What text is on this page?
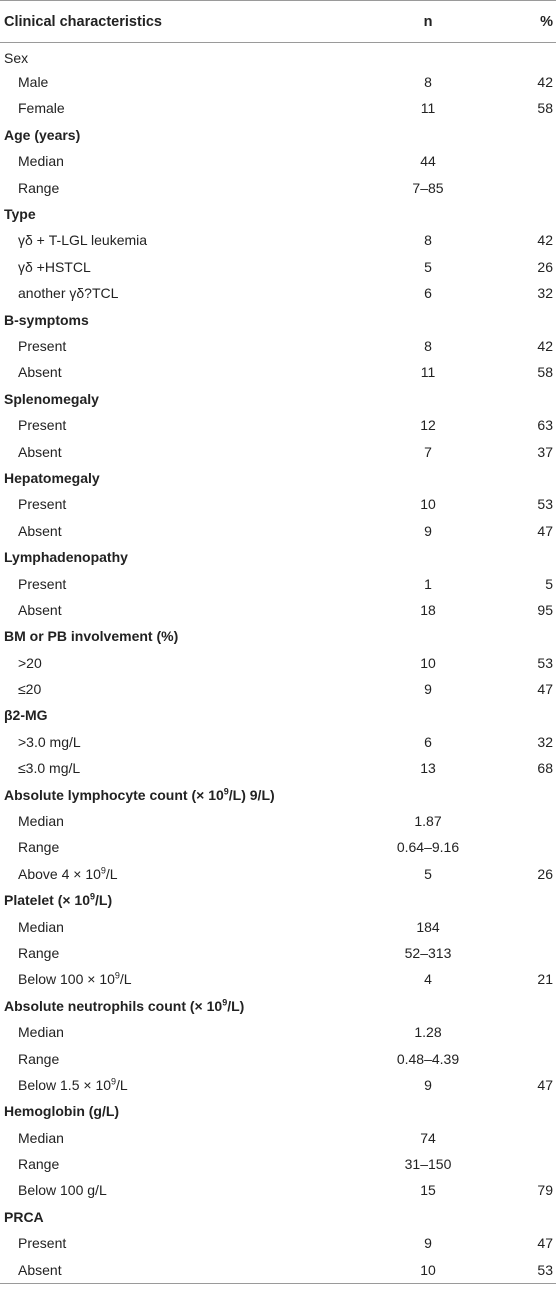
Clinical characteristics	n	%
Sex		
Male	8	42
Female	11	58
Age (years)		
Median	44	
Range	7–85	
Type		
γδ + T-LGL leukemia	8	42
γδ +HSTCL	5	26
another γδ?TCL	6	32
B-symptoms		
Present	8	42
Absent	11	58
Splenomegaly		
Present	12	63
Absent	7	37
Hepatomegaly		
Present	10	53
Absent	9	47
Lymphadenopathy		
Present	1	5
Absent	18	95
BM or PB involvement (%)		
>20	10	53
≤20	9	47
β2-MG		
>3.0 mg/L	6	32
≤3.0 mg/L	13	68
Absolute lymphocyte count (× $10^9/L$) 9/L)		
Median	1.87	
Range	0.64–9.16	
Above $4 \times 10^9/L$	5	26
Platelet (× $10^9/L$)		
Median	184	
Range	52–313	
Below $100 \times 10^9/L$	4	21
Absolute neutrophils count (× $10^9/L$)		
Median	1.28	
Range	0.48–4.39	
Below $1.5 \times 10^9/L$	9	47
Hemoglobin (g/L)		
Median	74	
Range	31–150	
Below 100 g/L	15	79
PRCA		
Present	9	47
Absent	10	53
